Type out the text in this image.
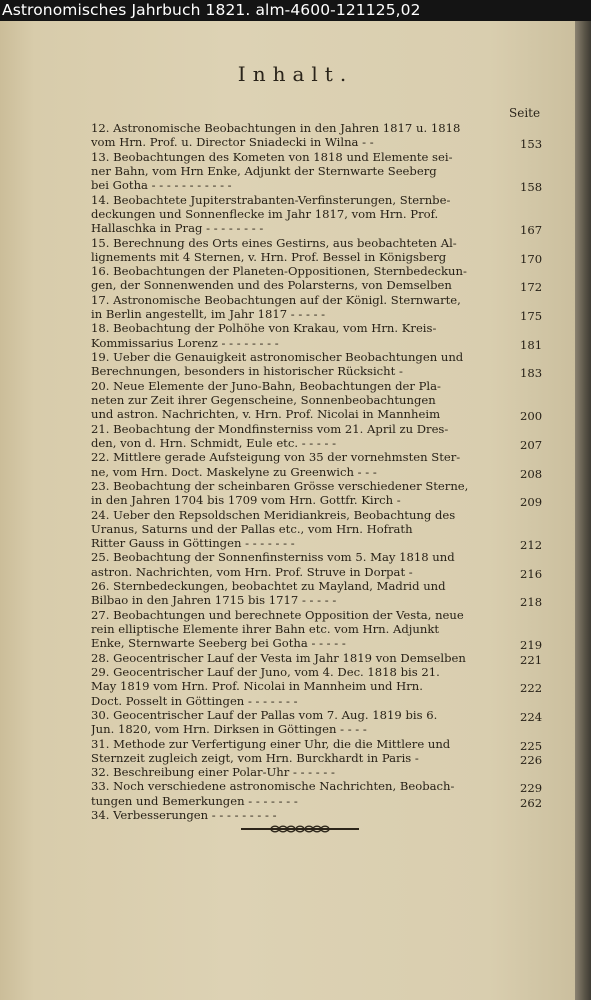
Astronomisches Jahrbuch 1821. alm-4600-121125,02
Inhalt.
Seite
12. Astronomische Beobachtungen in den Jahren 1817 u. 1818
vom Hrn. Prof. u. Director Sniadecki in Wilna - -
13. Beobachtungen des Kometen von 1818 und Elemente sei-
ner Bahn, vom Hrn Enke, Adjunkt der Sternwarte Seeberg
bei Gotha - - - - - - - - - - -
14. Beobachtete Jupiterstrabanten-Verfinsterungen, Sternbe-
deckungen und Sonnenflecke im Jahr 1817, vom Hrn. Prof.
Hallaschka in Prag - - - - - - - -
15. Berechnung des Orts eines Gestirns, aus beobachteten Al-
lignements mit 4 Sternen, v. Hrn. Prof. Bessel in Königsberg
16. Beobachtungen der Planeten-Oppositionen, Sternbedeckun-
gen, der Sonnenwenden und des Polarsterns, von Demselben
17. Astronomische Beobachtungen auf der Königl. Sternwarte,
in Berlin angestellt, im Jahr 1817 - - - - -
18. Beobachtung der Polhöhe von Krakau, vom Hrn. Kreis-
Kommissarius Lorenz - - - - - - - -
19. Ueber die Genauigkeit astronomischer Beobachtungen und
Berechnungen, besonders in historischer Rücksicht -
20. Neue Elemente der Juno-Bahn, Beobachtungen der Pla-
neten zur Zeit ihrer Gegenscheine, Sonnenbeobachtungen
und astron. Nachrichten, v. Hrn. Prof. Nicolai in Mannheim
21. Beobachtung der Mondfinsterniss vom 21. April zu Dres-
den, von d. Hrn. Schmidt, Eule etc. - - - - -
22. Mittlere gerade Aufsteigung von 35 der vornehmsten Ster-
ne, vom Hrn. Doct. Maskelyne zu Greenwich - - -
23. Beobachtung der scheinbaren Grösse verschiedener Sterne,
in den Jahren 1704 bis 1709 vom Hrn. Gottfr. Kirch -
24. Ueber den Repsoldschen Meridiankreis, Beobachtung des
Uranus, Saturns und der Pallas etc., vom Hrn. Hofrath
Ritter Gauss in Göttingen - - - - - - -
25. Beobachtung der Sonnenfinsterniss vom 5. May 1818 und
astron. Nachrichten, vom Hrn. Prof. Struve in Dorpat -
26. Sternbedeckungen, beobachtet zu Mayland, Madrid und
Bilbao in den Jahren 1715 bis 1717 - - - - -
27. Beobachtungen und berechnete Opposition der Vesta, neue
rein elliptische Elemente ihrer Bahn etc. vom Hrn. Adjunkt
Enke, Sternwarte Seeberg bei Gotha - - - - -
28. Geocentrischer Lauf der Vesta im Jahr 1819 von Demselben
29. Geocentrischer Lauf der Juno, vom 4. Dec. 1818 bis 21.
May 1819 vom Hrn. Prof. Nicolai in Mannheim und Hrn.
Doct. Posselt in Göttingen - - - - - - -
30. Geocentrischer Lauf der Pallas vom 7. Aug. 1819 bis 6.
Jun. 1820, vom Hrn. Dirksen in Göttingen - - - -
31. Methode zur Verfertigung einer Uhr, die die Mittlere und
Sternzeit zugleich zeigt, vom Hrn. Burckhardt in Paris -
32. Beschreibung einer Polar-Uhr - - - - - -
33. Noch verschiedene astronomische Nachrichten, Beobach-
tungen und Bemerkungen - - - - - - -
34. Verbesserungen - - - - - - - - -
153
158
167
170
172
175
181
183
200
207
208
209
212
216
218
219
221
222
224
225
226
229
262
